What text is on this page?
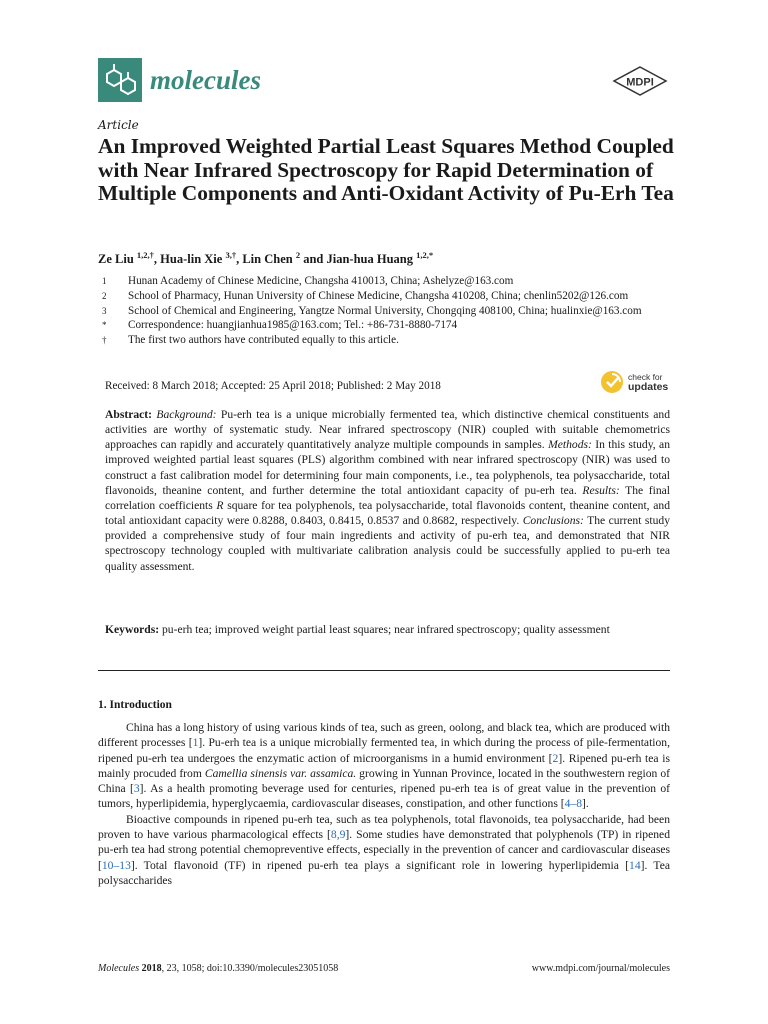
molecules	MDPI
Article
An Improved Weighted Partial Least Squares Method Coupled with Near Infrared Spectroscopy for Rapid Determination of Multiple Components and Anti-Oxidant Activity of Pu-Erh Tea
Ze Liu $^{1,2,\dagger}$, Hua-lin Xie $^{3,\dagger}$, Lin Chen $^2$ and Jian-hua Huang $^{1,2,*}$
1	Hunan Academy of Chinese Medicine, Changsha 410013, China; Ashelyze@163.com
2	School of Pharmacy, Hunan University of Chinese Medicine, Changsha 410208, China; chenlin5202@126.com
3	School of Chemical and Engineering, Yangtze Normal University, Chongqing 408100, China; hualinxie@163.com
*	Correspondence: huangjianhua1985@163.com; Tel.: +86-731-8880-7174
†	The first two authors have contributed equally to this article.
Received: 8 March 2018; Accepted: 25 April 2018; Published: 2 May 2018
check for
updates

Abstract: Background: Pu-erh tea is a unique microbially fermented tea, which distinctive chemical constituents and activities are worthy of systematic study. Near infrared spectroscopy (NIR) coupled with suitable chemometrics approaches can rapidly and accurately quantitatively analyze multiple compounds in samples. Methods: In this study, an improved weighted partial least squares (PLS) algorithm combined with near infrared spectroscopy (NIR) was used to construct a fast calibration model for determining four main components, i.e., tea polyphenols, tea polysaccharide, total flavonoids, theanine content, and further determine the total antioxidant capacity of pu-erh tea. Results: The final correlation coefficients R square for tea polyphenols, tea polysaccharide, total flavonoids content, theanine content, and total antioxidant capacity were 0.8288, 0.8403, 0.8415, 0.8537 and 0.8682, respectively. Conclusions: The current study provided a comprehensive study of four main ingredients and activity of pu-erh tea, and demonstrated that NIR spectroscopy technology coupled with multivariate calibration analysis could be successfully applied to pu-erh tea quality assessment.

Keywords: pu-erh tea; improved weight partial least squares; near infrared spectroscopy; quality assessment

1. Introduction

China has a long history of using various kinds of tea, such as green, oolong, and black tea, which are produced with different processes [1]. Pu-erh tea is a unique microbially fermented tea, in which during the process of pile-fermentation, ripened pu-erh tea undergoes the enzymatic action of microorganisms in a humid environment [2]. Ripened pu-erh tea is mainly procuded from Camellia sinensis var. assamica. growing in Yunnan Province, located in the southwestern region of China [3]. As a health promoting beverage used for centuries, ripened pu-erh tea is of great value in the prevention of tumors, hyperlipidemia, hyperglycaemia, cardiovascular diseases, constipation, and other functions [4–8].

Bioactive compounds in ripened pu-erh tea, such as tea polyphenols, total flavonoids, tea polysaccharide, had been proven to have various pharmacological effects [8,9]. Some studies have demonstrated that polyphenols (TP) in ripened pu-erh tea had strong potential chemopreventive effects, especially in the prevention of cancer and cardiovascular diseases [10–13]. Total flavonoid (TF) in ripened pu-erh tea plays a significant role in lowering hyperlipidemia [14]. Tea polysaccharides

Molecules 2018, 23, 1058; doi:10.3390/molecules23051058	www.mdpi.com/journal/molecules
